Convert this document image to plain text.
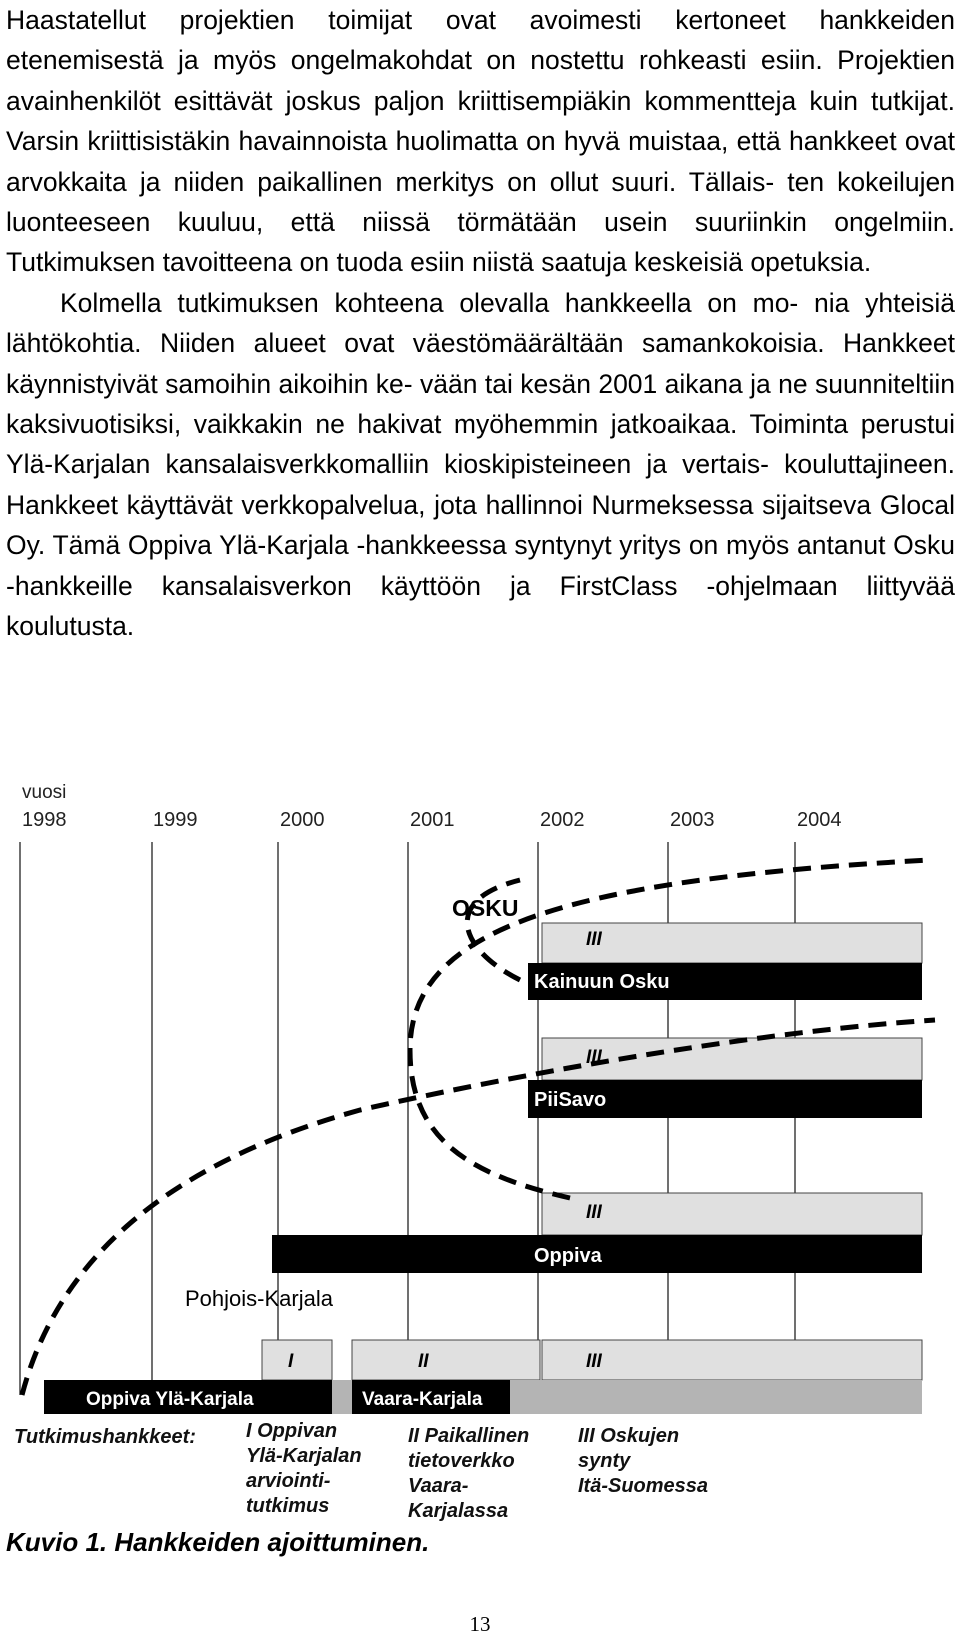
Haastatellut projektien toimijat ovat avoimesti kertoneet hankkeiden etenemisestä ja myös ongelmakohdat on nostettu rohkeasti esiin. Projektien avainhenkilöt esittävät joskus paljon kriittisempiäkin kommentteja kuin tutkijat. Varsin kriittisistäkin havainnoista huolimatta on hyvä muistaa, että hankkeet ovat arvokkaita ja niiden paikallinen merkitys on ollut suuri. Tällais- ten kokeilujen luonteeseen kuuluu, että niissä törmätään usein suuriinkin ongelmiin. Tutkimuksen tavoitteena on tuoda esiin niistä saatuja keskeisiä opetuksia.

Kolmella tutkimuksen kohteena olevalla hankkeella on mo- nia yhteisiä lähtökohtia. Niiden alueet ovat väestömäärältään samankokoisia. Hankkeet käynnistyivät samoihin aikoihin ke- vään tai kesän 2001 aikana ja ne suunniteltiin kaksivuotisiksi, vaikkakin ne hakivat myöhemmin jatkoaikaa. Toiminta perustui Ylä-Karjalan kansalaisverkkomalliin kioskipisteineen ja vertais- kouluttajineen. Hankkeet käyttävät verkkopalvelua, jota hallinnoi Nurmeksessa sijaitseva Glocal Oy. Tämä Oppiva Ylä-Karjala -hankkeessa syntynyt yritys on myös antanut Osku -hankkeille kansalaisverkon käyttöön ja FirstClass -ohjelmaan liittyvää koulutusta.

vuosi
1998	1999	2000	2001	2002	2003	2004
III
Kainuun Osku
III
PiiSavo
OSKU
III
Oppiva
Pohjois-Karjala
I	II	III
Oppiva Ylä-Karjala	Vaara-Karjala
Tutkimushankkeet:	I Oppivan
Ylä-Karjalan
arviointi-
tutkimus
II Paikallinen
tietoverkko
Vaara-
Karjalassa
III Oskujen
synty
Itä-Suomessa
Kuvio 1. Hankkeiden ajoittuminen.
13
